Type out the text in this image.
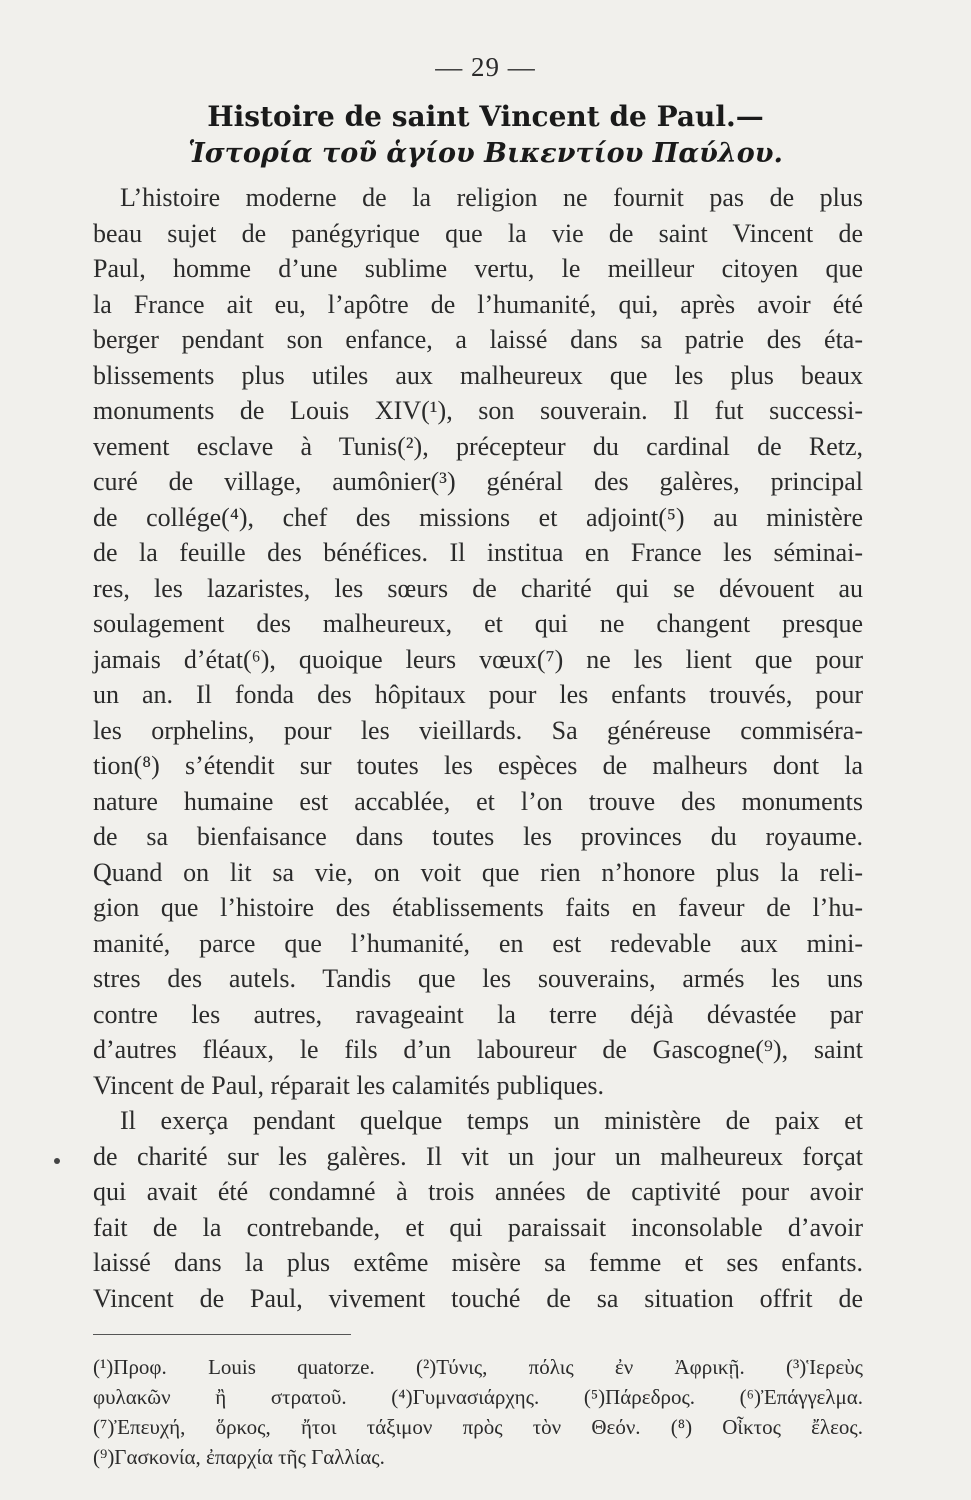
— 29 —
Histoire de saint Vincent de Paul.—
Ἱστορία τοῦ ἁγίου Βικεντίου Παύλου.
L’histoire moderne de la religion ne fournit pas de plus
beau sujet de panégyrique que la vie de saint Vincent de
Paul, homme d’une sublime vertu, le meilleur citoyen que
la France ait eu, l’apôtre de l’humanité, qui, après avoir été
berger pendant son enfance, a laissé dans sa patrie des éta-
blissements plus utiles aux malheureux que les plus beaux
monuments de Louis XIV(¹), son souverain. Il fut successi-
vement esclave à Tunis(²), précepteur du cardinal de Retz,
curé de village, aumônier(³) général des galères, principal
de collége(⁴), chef des missions et adjoint(⁵) au ministère
de la feuille des bénéfices. Il institua en France les séminai-
res, les lazaristes, les sœurs de charité qui se dévouent au
soulagement des malheureux, et qui ne changent presque
jamais d’état(⁶), quoique leurs vœux(⁷) ne les lient que pour
un an. Il fonda des hôpitaux pour les enfants trouvés, pour
les orphelins, pour les vieillards. Sa généreuse commiséra-
tion(⁸) s’étendit sur toutes les espèces de malheurs dont la
nature humaine est accablée, et l’on trouve des monuments
de sa bienfaisance dans toutes les provinces du royaume.
Quand on lit sa vie, on voit que rien n’honore plus la reli-
gion que l’histoire des établissements faits en faveur de l’hu-
manité, parce que l’humanité, en est redevable aux mini-
stres des autels. Tandis que les souverains, armés les uns
contre les autres, ravageaint la terre déjà dévastée par
d’autres fléaux, le fils d’un laboureur de Gascogne(⁹), saint
Vincent de Paul, réparait les calamités publiques.
Il exerça pendant quelque temps un ministère de paix et
de charité sur les galères. Il vit un jour un malheureux forçat
qui avait été condamné à trois années de captivité pour avoir
fait de la contrebande, et qui paraissait inconsolable d’avoir
laissé dans la plus extême misère sa femme et ses enfants.
Vincent de Paul, vivement touché de sa situation offrit de
(¹)Προφ. Louis quatorze. (²)Τύνις, πόλις ἐν Ἀφρικῇ. (³)Ἱερεὺς
φυλακῶν ἢ στρατοῦ. (⁴)Γυμνασιάρχης. (⁵)Πάρεδρος. (⁶)Ἐπάγγελμα.
(⁷)Ἐπευχή, ὅρκος, ἤτοι τάξιμον πρὸς τὸν Θεόν. (⁸) Οἶκτος ἔλεος.
(⁹)Γασκονία, ἐπαρχία τῆς Γαλλίας.
